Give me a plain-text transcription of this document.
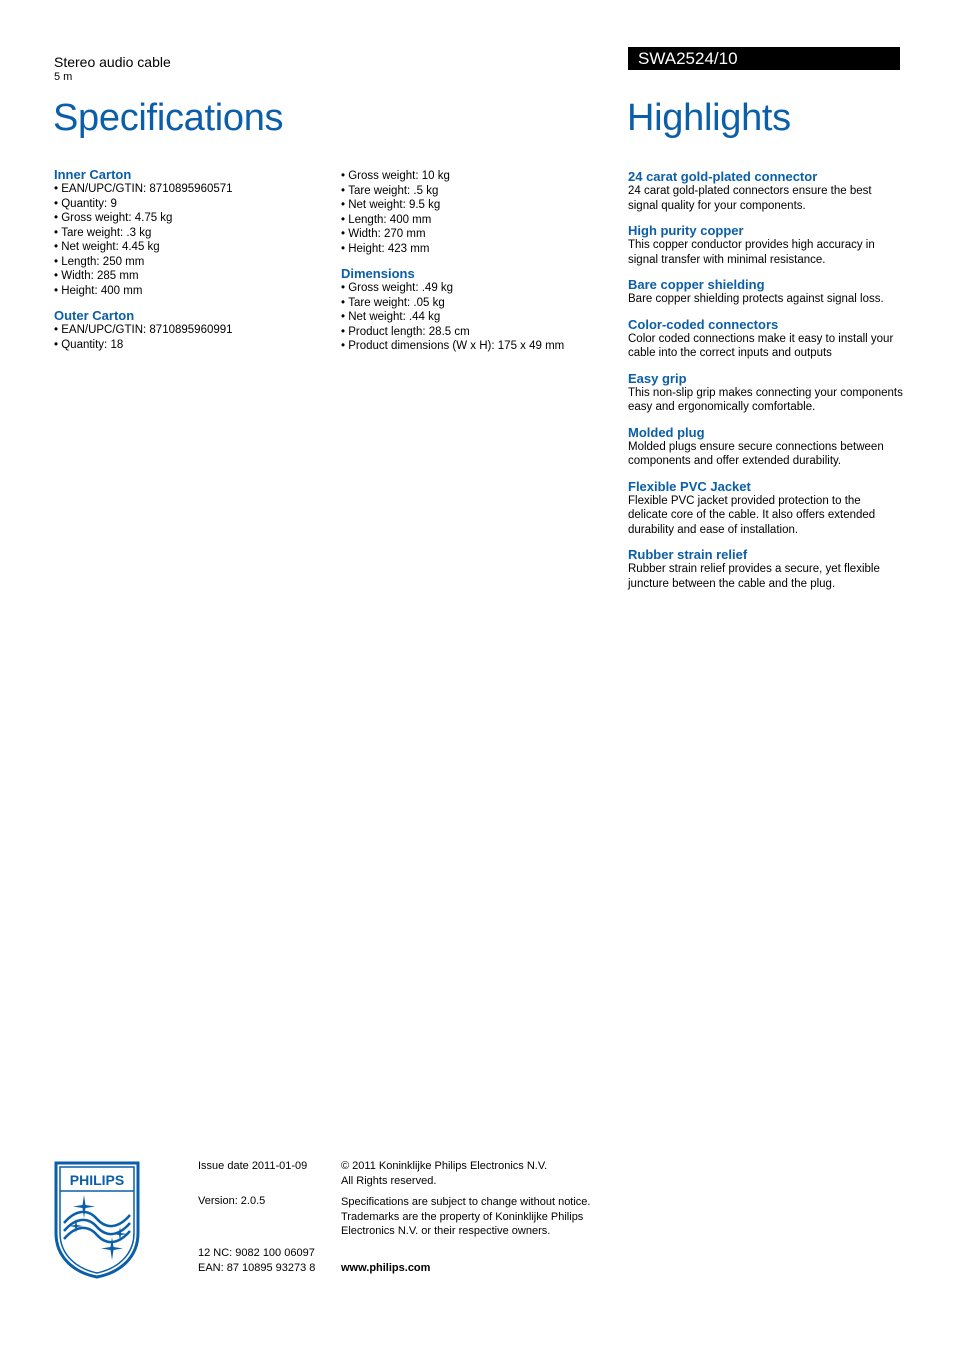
Stereo audio cable
5 m
Specifications
SWA2524/10
Highlights
Inner Carton
• EAN/UPC/GTIN: 8710895960571
• Quantity: 9
• Gross weight: 4.75 kg
• Tare weight: .3 kg
• Net weight: 4.45 kg
• Length: 250 mm
• Width: 285 mm
• Height: 400 mm
Outer Carton
• EAN/UPC/GTIN: 8710895960991
• Quantity: 18
• Gross weight: 10 kg
• Tare weight: .5 kg
• Net weight: 9.5 kg
• Length: 400 mm
• Width: 270 mm
• Height: 423 mm
Dimensions
• Gross weight: .49 kg
• Tare weight: .05 kg
• Net weight: .44 kg
• Product length: 28.5 cm
• Product dimensions (W x H): 175 x 49 mm
24 carat gold-plated connector

24 carat gold-plated connectors ensure the best signal quality for your components.

High purity copper

This copper conductor provides high accuracy in signal transfer with minimal resistance.

Bare copper shielding

Bare copper shielding protects against signal loss.

Color-coded connectors

Color coded connections make it easy to install your cable into the correct inputs and outputs

Easy grip

This non-slip grip makes connecting your components easy and ergonomically comfortable.

Molded plug

Molded plugs ensure secure connections between components and offer extended durability.

Flexible PVC Jacket

Flexible PVC jacket provided protection to the delicate core of the cable. It also offers extended durability and ease of installation.

Rubber strain relief

Rubber strain relief provides a secure, yet flexible juncture between the cable and the plug.

PHILIPS
Issue date 2011-01-09
Version: 2.0.5
12 NC: 9082 100 06097
EAN: 87 10895 93273 8
© 2011 Koninklijke Philips Electronics N.V.
All Rights reserved.
Specifications are subject to change without notice.
Trademarks are the property of Koninklijke Philips
Electronics N.V. or their respective owners.
www.philips.com
